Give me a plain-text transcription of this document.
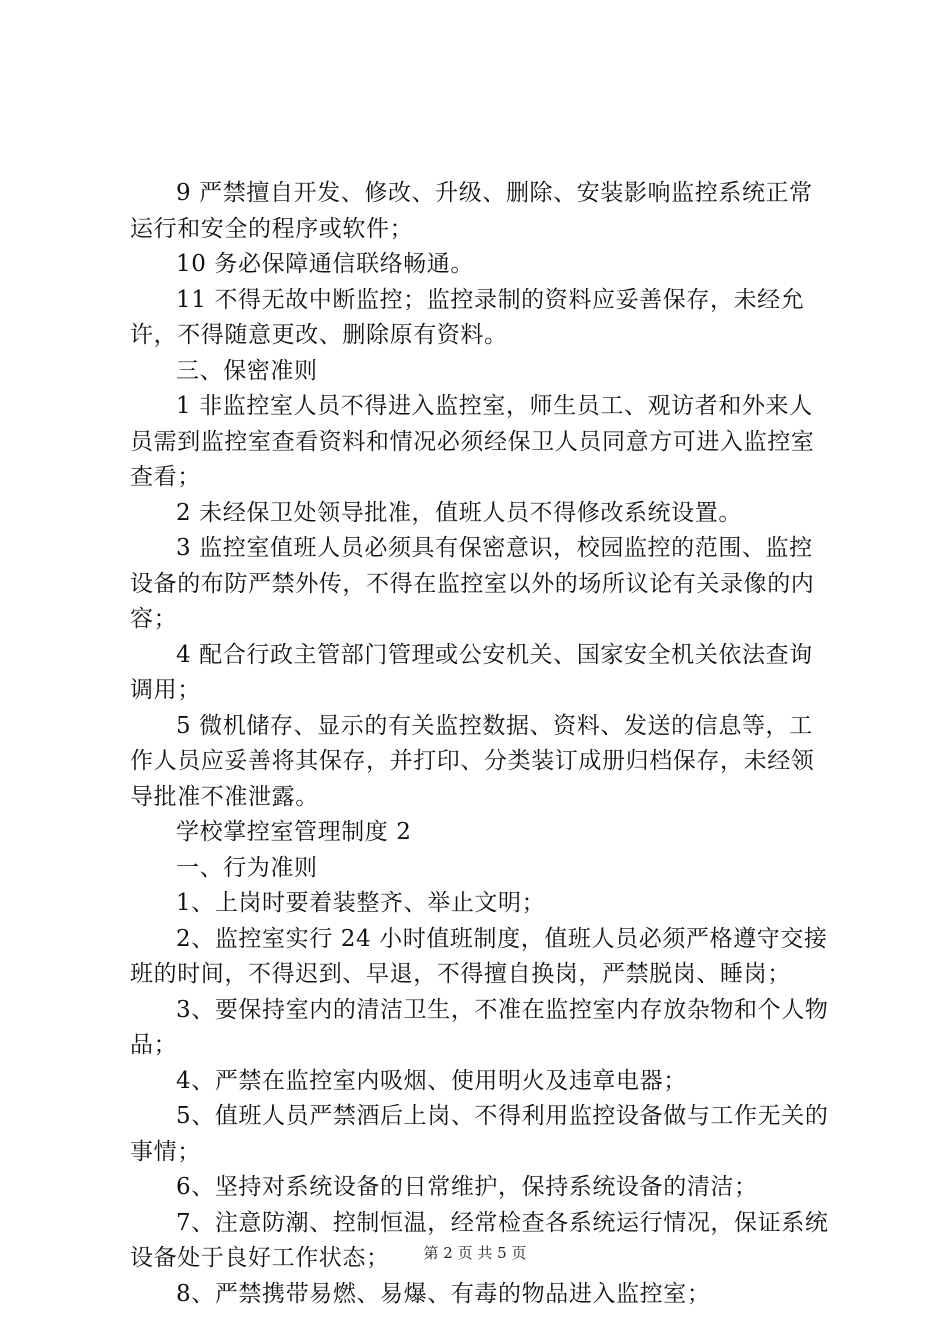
9 严禁擅自开发、修改、升级、删除、安装影响监控系统正常运行和安全的程序或软件；

10 务必保障通信联络畅通。

11 不得无故中断监控；监控录制的资料应妥善保存，未经允许，不得随意更改、删除原有资料。

三、保密准则

1 非监控室人员不得进入监控室，师生员工、观访者和外来人员需到监控室查看资料和情况必须经保卫人员同意方可进入监控室查看；

2 未经保卫处领导批准，值班人员不得修改系统设置。

3 监控室值班人员必须具有保密意识，校园监控的范围、监控设备的布防严禁外传，不得在监控室以外的场所议论有关录像的内容；

4 配合行政主管部门管理或公安机关、国家安全机关依法查询调用；

5 微机储存、显示的有关监控数据、资料、发送的信息等，工作人员应妥善将其保存，并打印、分类装订成册归档保存，未经领导批准不准泄露。

学校掌控室管理制度 2

一、行为准则

1、上岗时要着装整齐、举止文明；

2、监控室实行 24 小时值班制度，值班人员必须严格遵守交接班的时间，不得迟到、早退，不得擅自换岗，严禁脱岗、睡岗；

3、要保持室内的清洁卫生，不准在监控室内存放杂物和个人物品；

4、严禁在监控室内吸烟、使用明火及违章电器；

5、值班人员严禁酒后上岗、不得利用监控设备做与工作无关的事情；

6、坚持对系统设备的日常维护，保持系统设备的清洁；

7、注意防潮、控制恒温，经常检查各系统运行情况，保证系统设备处于良好工作状态；

8、严禁携带易燃、易爆、有毒的物品进入监控室；

第 2 页 共 5 页
